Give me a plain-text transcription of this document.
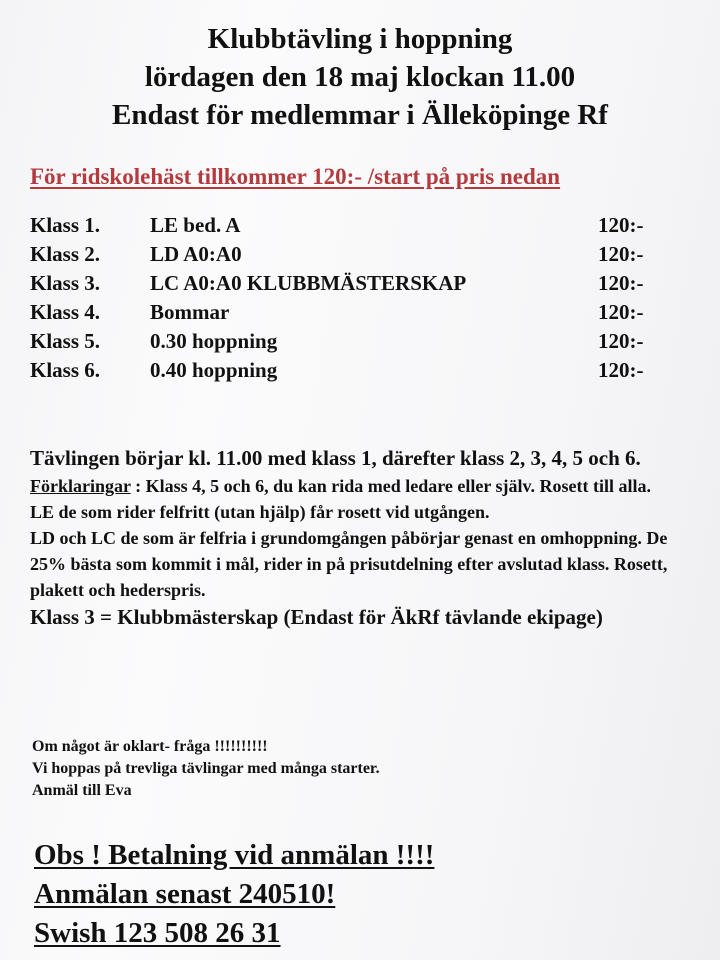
Klubbtävling i hoppning
lördagen den 18 maj klockan 11.00
Endast för medlemmar i Älleköpinge Rf
För ridskolehäst tillkommer 120:- /start på pris nedan
Klass 1.	LE bed. A	120:-
Klass 2.	LD A0:A0	120:-
Klass 3.	LC A0:A0 KLUBBMÄSTERSKAP	120:-
Klass 4.	Bommar	120:-
Klass 5.	0.30 hoppning	120:-
Klass 6.	0.40 hoppning	120:-
Tävlingen börjar kl. 11.00 med klass 1, därefter klass 2, 3, 4, 5 och 6.
Förklaringar : Klass 4, 5 och 6, du kan rida med ledare eller själv. Rosett till alla.
LE de som rider felfritt (utan hjälp) får rosett vid utgången.
LD och LC de som är felfria i grundomgången påbörjar genast en omhoppning. De 25% bästa som kommit i mål, rider in på prisutdelning efter avslutad klass. Rosett, plakett och hederspris.
Klass 3 = Klubbmästerskap (Endast för ÄkRf tävlande ekipage)
Om något är oklart- fråga !!!!!!!!!!
Vi hoppas på trevliga tävlingar med många starter.
Anmäl till Eva
Obs ! Betalning vid anmälan !!!!
Anmälan senast 240510!
Swish 123 508 26 31
